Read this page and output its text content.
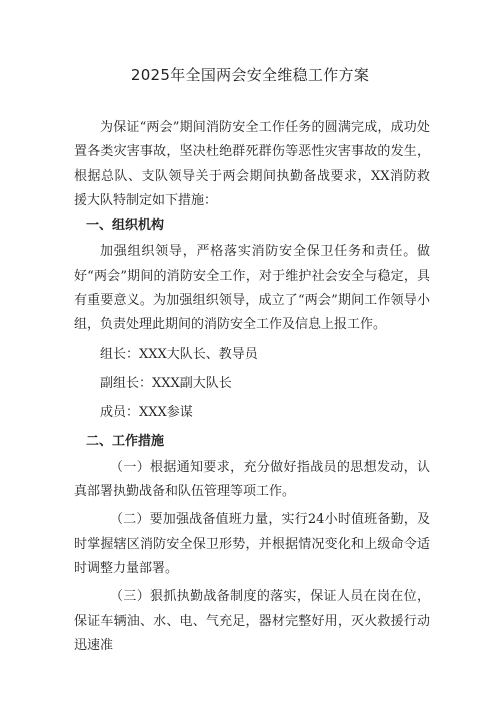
2025年全国两会安全维稳工作方案

为保证“两会”期间消防安全工作任务的圆满完成，成功处置各类灾害事故，坚决杜绝群死群伤等恶性灾害事故的发生，根据总队、支队领导关于两会期间执勤备战要求，XX消防救援大队特制定如下措施：

一、组织机构

加强组织领导，严格落实消防安全保卫任务和责任。做好“两会”期间的消防安全工作，对于维护社会安全与稳定，具有重要意义。为加强组织领导，成立了“两会”期间工作领导小组，负责处理此期间的消防安全工作及信息上报工作。

组长：XXX大队长、教导员

副组长：XXX副大队长

成员：XXX参谋

二、工作措施

（一）根据通知要求，充分做好指战员的思想发动，认真部署执勤战备和队伍管理等项工作。

（二）要加强战备值班力量，实行24小时值班备勤，及时掌握辖区消防安全保卫形势，并根据情况变化和上级命令适时调整力量部署。

（三）狠抓执勤战备制度的落实，保证人员在岗在位，保证车辆油、水、电、气充足，器材完整好用，灭火救援行动迅速准
